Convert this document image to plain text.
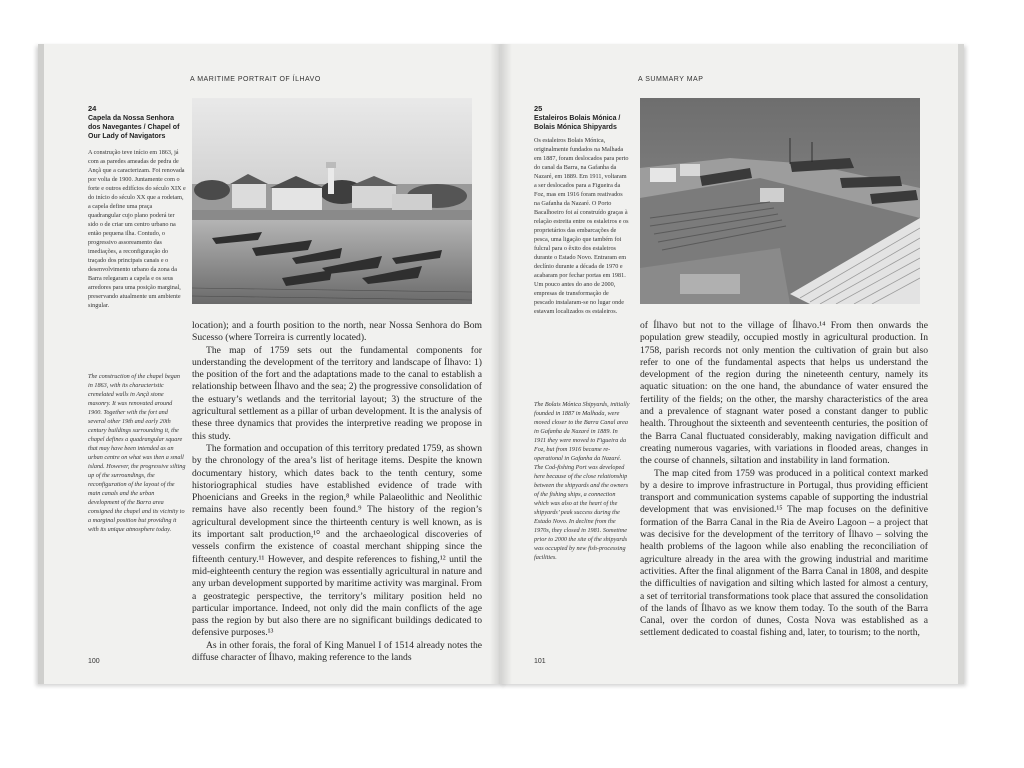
A MARITIME PORTRAIT OF ÍLHAVO
24
Capela da Nossa Senhora dos Navegantes / Chapel of Our Lady of Navigators
A construção teve início em 1863, já com as paredes ameadas de pedra de Ançã que a caracterizam. Foi renovada por volta de 1900. Juntamente com o forte e outros edifícios do século XIX e do início do século XX que a rodeiam, a capela define uma praça quadrangular cujo plano poderá ter sido o de criar um centro urbano na então pequena ilha. Contudo, o progressivo assoreamento das imediações, a reconfiguração do traçado dos principais canais e o desenvolvimento urbano da zona da Barra relegaram a capela e os seus arredores para uma posição marginal, preservando atualmente um ambiente singular.
The construction of the chapel began in 1863, with its characteristic crenelated walls in Ançã stone masonry. It was renovated around 1900. Together with the fort and several other 19th and early 20th century buildings surrounding it, the chapel defines a quadrangular square that may have been intended as an urban centre on what was then a small island. However, the progressive silting up of the surroundings, the reconfiguration of the layout of the main canals and the urban development of the Barra area consigned the chapel and its vicinity to a marginal position but providing it with its unique atmosphere today.

location); and a fourth position to the north, near Nossa Senhora do Bom Sucesso (where Torreira is currently located).

The map of 1759 sets out the fundamental components for understanding the development of the territory and landscape of Ílhavo: 1) the position of the fort and the adaptations made to the canal to establish a relationship between Ílhavo and the sea; 2) the progressive consolidation of the estuary’s wetlands and the territorial layout; 3) the structure of the agricultural settlement as a pillar of urban development. It is the analysis of these three dynamics that provides the interpretive reading we propose in this study.

The formation and occupation of this territory predated 1759, as shown by the chronology of the area’s list of heritage items. Despite the known documentary history, which dates back to the tenth century, some historiographical studies have established evidence of trade with Phoenicians and Greeks in the region,⁸ while Palaeolithic and Neolithic remains have also recently been found.⁹ The history of the region’s agricultural development since the thirteenth century is well known, as is its important salt production,¹⁰ and the archaeological discoveries of vessels confirm the existence of coastal merchant shipping since the fifteenth century.¹¹ However, and despite references to fishing,¹² until the mid-eighteenth century the region was essentially agricultural in nature and any urban development supported by maritime activity was marginal. From a geostrategic perspective, the territory’s military position held no particular importance. Indeed, not only did the main conflicts of the age pass the region by but also there are no significant buildings dedicated to defensive purposes.¹³

As in other forais, the foral of King Manuel I of 1514 already notes the diffuse character of Ílhavo, making reference to the lands

100
A SUMMARY MAP
25
Estaleiros Bolais Mónica / Bolais Mónica Shipyards
Os estaleiros Bolais Mónica, originalmente fundados na Malhada em 1887, foram deslocados para perto do canal da Barra, na Gafanha da Nazaré, em 1889. Em 1911, voltaram a ser deslocados para a Figueira da Foz, mas em 1916 foram reativados na Gafanha da Nazaré. O Porto Bacalhoeiro foi aí construído graças à relação estreita entre os estaleiros e os proprietários das embarcações de pesca, uma ligação que também foi fulcral para o êxito dos estaleiros durante o Estado Novo. Entraram em declínio durante a década de 1970 e acabaram por fechar portas em 1981. Um pouco antes do ano de 2000, empresas de transformação de pescado instalaram-se no lugar onde estavam localizados os estaleiros.
The Bolais Mónica Shipyards, initially founded in 1887 in Malhada, were moved closer to the Barra Canal area in Gafanha da Nazaré in 1889. In 1911 they were moved to Figueira da Foz, but from 1916 became re-operational in Gafanha da Nazaré. The Cod-fishing Port was developed here because of the close relationship between the shipyards and the owners of the fishing ships, a connection which was also at the heart of the shipyards’ peak success during the Estado Novo. In decline from the 1970s, they closed in 1981. Sometime prior to 2000 the site of the shipyards was occupied by new fish-processing facilities.

of Ílhavo but not to the village of Ílhavo.¹⁴ From then onwards the population grew steadily, occupied mostly in agricultural production. In 1758, parish records not only mention the cultivation of grain but also refer to one of the fundamental aspects that helps us understand the development of the region during the nineteenth century, namely its aquatic situation: on the one hand, the abundance of water ensured the fertility of the fields; on the other, the marshy characteristics of the area and a prevalence of stagnant water posed a constant danger to public health. Throughout the sixteenth and seventeenth centuries, the position of the Barra Canal fluctuated considerably, making navigation difficult and creating numerous vagaries, with variations in flooded areas, changes in the course of channels, siltation and instability in land formation.

The map cited from 1759 was produced in a political context marked by a desire to improve infrastructure in Portugal, thus providing efficient transport and communication systems capable of supporting the industrial development that was envisioned.¹⁵ The map focuses on the definitive formation of the Barra Canal in the Ria de Aveiro Lagoon – a project that was decisive for the development of the territory of Ílhavo – solving the health problems of the lagoon while also enabling the reconciliation of agriculture already in the area with the growing industrial and maritime activities. After the final alignment of the Barra Canal in 1808, and despite the difficulties of navigation and silting which lasted for almost a century, a set of territorial transformations took place that assured the consolidation of the lands of Ílhavo as we know them today. To the south of the Barra Canal, over the cordon of dunes, Costa Nova was established as a settlement dedicated to coastal fishing and, later, to tourism; to the north,

101
